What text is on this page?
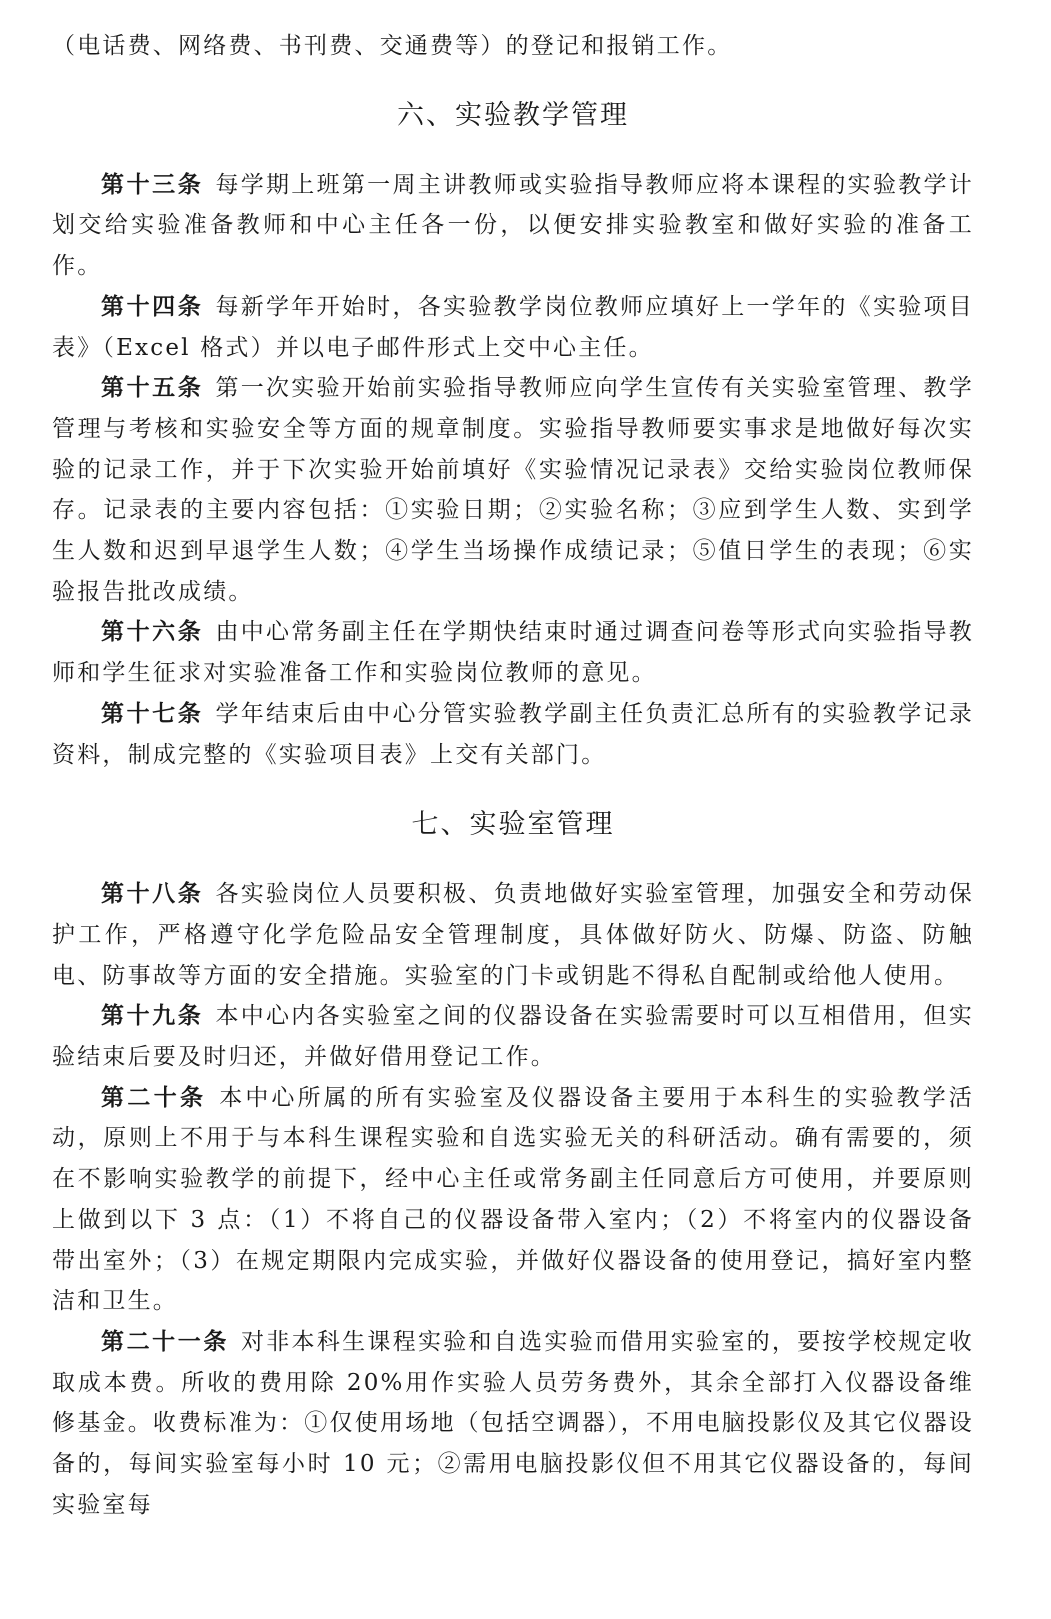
（电话费、网络费、书刊费、交通费等）的登记和报销工作。

六、实验教学管理

第十三条 每学期上班第一周主讲教师或实验指导教师应将本课程的实验教学计划交给实验准备教师和中心主任各一份，以便安排实验教室和做好实验的准备工作。

第十四条 每新学年开始时，各实验教学岗位教师应填好上一学年的《实验项目表》（Excel 格式）并以电子邮件形式上交中心主任。

第十五条 第一次实验开始前实验指导教师应向学生宣传有关实验室管理、教学管理与考核和实验安全等方面的规章制度。实验指导教师要实事求是地做好每次实验的记录工作，并于下次实验开始前填好《实验情况记录表》交给实验岗位教师保存。记录表的主要内容包括：①实验日期；②实验名称；③应到学生人数、实到学生人数和迟到早退学生人数；④学生当场操作成绩记录；⑤值日学生的表现；⑥实验报告批改成绩。

第十六条 由中心常务副主任在学期快结束时通过调查问卷等形式向实验指导教师和学生征求对实验准备工作和实验岗位教师的意见。

第十七条 学年结束后由中心分管实验教学副主任负责汇总所有的实验教学记录资料，制成完整的《实验项目表》上交有关部门。

七、实验室管理

第十八条 各实验岗位人员要积极、负责地做好实验室管理，加强安全和劳动保护工作，严格遵守化学危险品安全管理制度，具体做好防火、防爆、防盗、防触电、防事故等方面的安全措施。实验室的门卡或钥匙不得私自配制或给他人使用。

第十九条 本中心内各实验室之间的仪器设备在实验需要时可以互相借用，但实验结束后要及时归还，并做好借用登记工作。

第二十条 本中心所属的所有实验室及仪器设备主要用于本科生的实验教学活动，原则上不用于与本科生课程实验和自选实验无关的科研活动。确有需要的，须在不影响实验教学的前提下，经中心主任或常务副主任同意后方可使用，并要原则上做到以下 3 点：（1）不将自己的仪器设备带入室内；（2）不将室内的仪器设备带出室外；（3）在规定期限内完成实验，并做好仪器设备的使用登记，搞好室内整洁和卫生。

第二十一条 对非本科生课程实验和自选实验而借用实验室的，要按学校规定收取成本费。所收的费用除 20%用作实验人员劳务费外，其余全部打入仪器设备维修基金。收费标准为：①仅使用场地（包括空调器），不用电脑投影仪及其它仪器设备的，每间实验室每小时 10 元；②需用电脑投影仪但不用其它仪器设备的，每间实验室每
